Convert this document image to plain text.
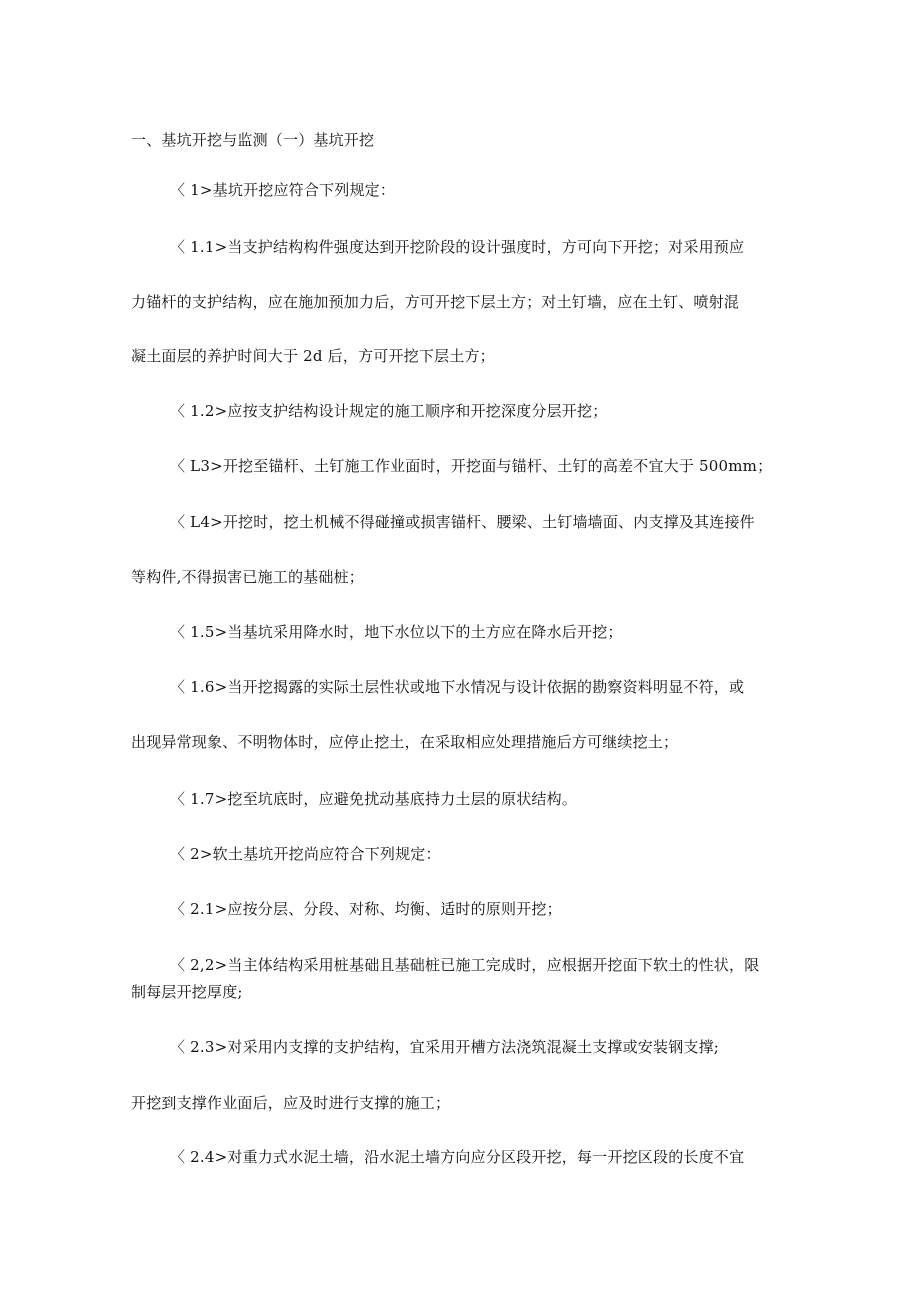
一、基坑开挖与监测（一）基坑开挖
〈 1>基坑开挖应符合下列规定：
〈 1.1>当支护结构构件强度达到开挖阶段的设计强度时，方可向下开挖；对采用预应
力锚杆的支护结构，应在施加预加力后，方可开挖下层土方；对土钉墙，应在土钉、喷射混
凝土面层的养护时间大于 2d 后，方可开挖下层土方；
〈 1.2>应按支护结构设计规定的施工顺序和开挖深度分层开挖；
〈 L3>开挖至锚杆、土钉施工作业面时，开挖面与锚杆、土钉的高差不宜大于 500mm；
〈 L4>开挖时，挖土机械不得碰撞或损害锚杆、腰梁、土钉墙墙面、内支撑及其连接件
等构件,不得损害已施工的基础桩；
〈 1.5>当基坑采用降水时，地下水位以下的土方应在降水后开挖；
〈 1.6>当开挖揭露的实际土层性状或地下水情况与设计依据的勘察资料明显不符，或
出现异常现象、不明物体时，应停止挖土，在采取相应处理措施后方可继续挖土；
〈 1.7>挖至坑底时，应避免扰动基底持力土层的原状结构。
〈 2>软土基坑开挖尚应符合下列规定：
〈 2.1>应按分层、分段、对称、均衡、适时的原则开挖；
〈 2,2>当主体结构采用桩基础且基础桩已施工完成时，应根据开挖面下软土的性状，限
制每层开挖厚度;
〈 2.3>对采用内支撑的支护结构，宜采用开槽方法浇筑混凝土支撑或安装钢支撑;
开挖到支撑作业面后，应及时进行支撑的施工；
〈 2.4>对重力式水泥土墙，沿水泥土墙方向应分区段开挖，每一开挖区段的长度不宜
